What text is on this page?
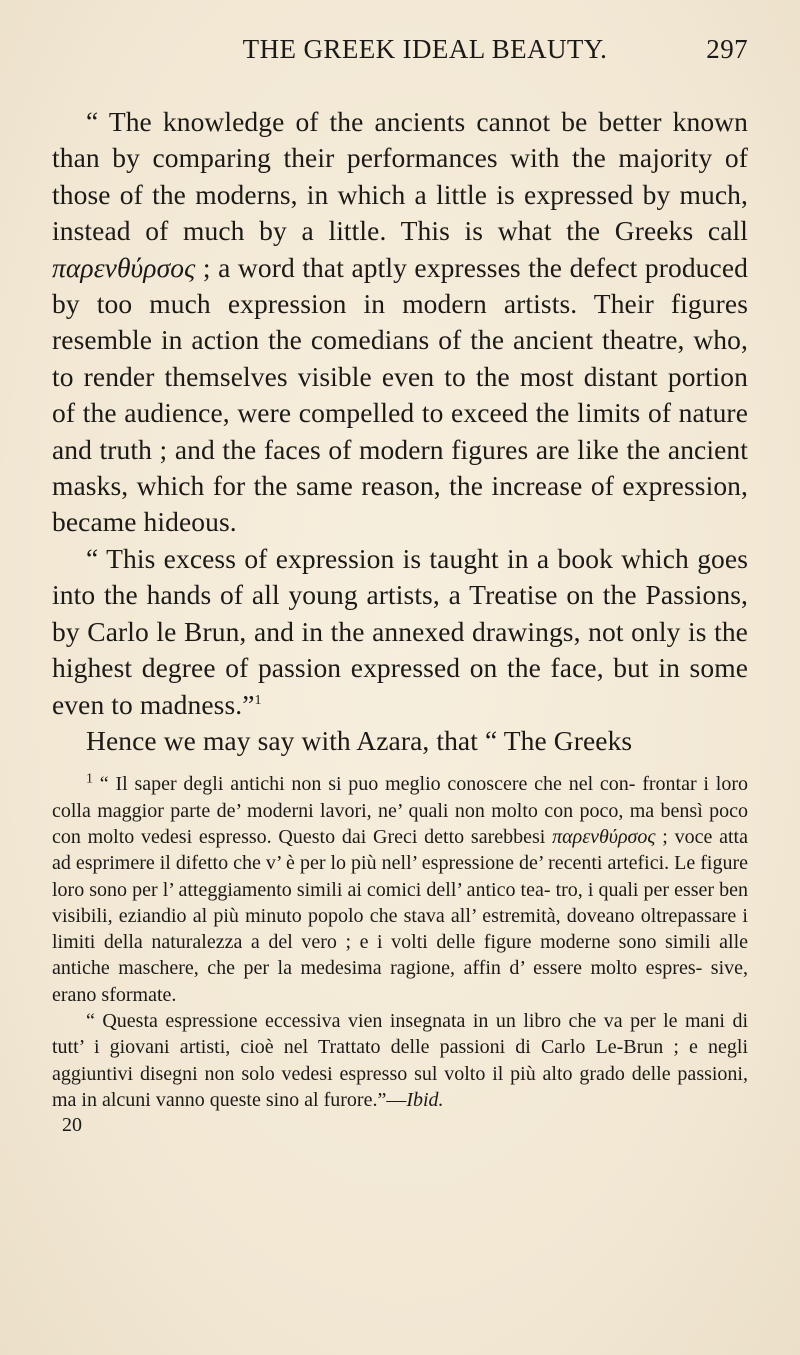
THE GREEK IDEAL BEAUTY.	297

“ The knowledge of the ancients cannot be better known than by comparing their performances with the majority of those of the moderns, in which a little is expressed by much, instead of much by a little. This is what the Greeks call παρενθύρσος ; a word that aptly expresses the defect produced by too much expression in modern artists. Their figures resemble in action the comedians of the ancient theatre, who, to render themselves visible even to the most distant portion of the audience, were compelled to exceed the limits of nature and truth ; and the faces of modern figures are like the ancient masks, which for the same reason, the increase of expression, became hideous.

“ This excess of expression is taught in a book which goes into the hands of all young artists, a Treatise on the Passions, by Carlo le Brun, and in the annexed drawings, not only is the highest degree of passion expressed on the face, but in some even to madness.”$^1$

Hence we may say with Azara, that “ The Greeks

$^1$ “ Il saper degli antichi non si puo meglio conoscere che nel con- frontar i loro colla maggior parte de’ moderni lavori, ne’ quali non molto con poco, ma bensì poco con molto vedesi espresso. Questo dai Greci detto sarebbesi παρενθύρσος ; voce atta ad esprimere il difetto che v’ è per lo più nell’ espressione de’ recenti artefici. Le figure loro sono per l’ atteggiamento simili ai comici dell’ antico tea- tro, i quali per esser ben visibili, eziandio al più minuto popolo che stava all’ estremità, doveano oltrepassare i limiti della naturalezza a del vero ; e i volti delle figure moderne sono simili alle antiche maschere, che per la medesima ragione, affin d’ essere molto espres- sive, erano sformate.

“ Questa espressione eccessiva vien insegnata in un libro che va per le mani di tutt’ i giovani artisti, cioè nel Trattato delle passioni di Carlo Le-Brun ; e negli aggiuntivi disegni non solo vedesi espresso sul volto il più alto grado delle passioni, ma in alcuni vanno queste sino al furore.”—Ibid.

20
